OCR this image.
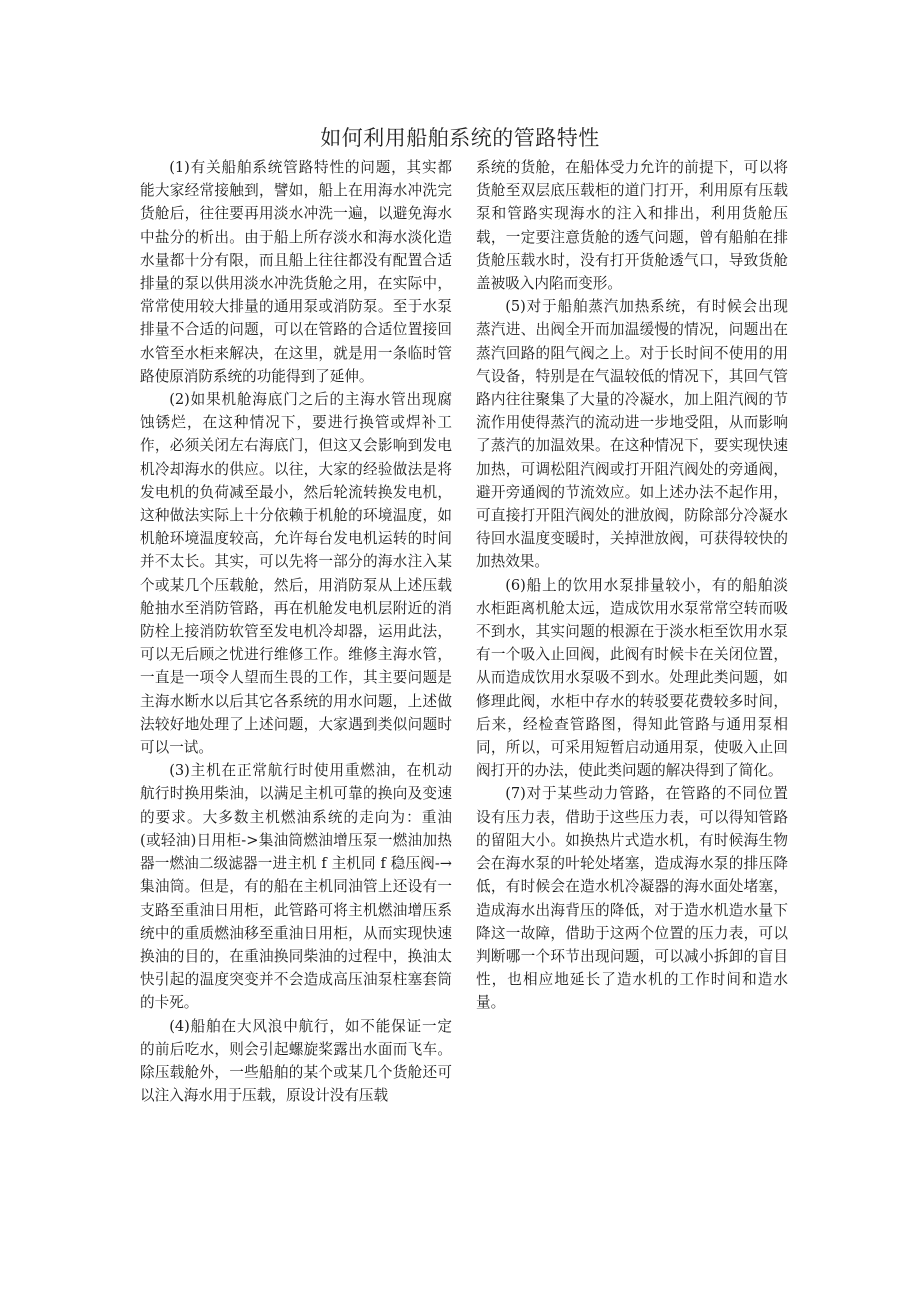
如何利用船舶系统的管路特性

(1)有关船舶系统管路特性的问题，其实都能大家经常接触到，譬如，船上在用海水冲洗完货舱后，往往要再用淡水冲洗一遍，以避免海水中盐分的析出。由于船上所存淡水和海水淡化造水量都十分有限，而且船上往往都没有配置合适排量的泵以供用淡水冲洗货舱之用，在实际中，常常使用较大排量的通用泵或消防泵。至于水泵排量不合适的问题，可以在管路的合适位置接回水管至水柜来解决，在这里，就是用一条临时管路使原消防系统的功能得到了延伸。

(2)如果机舱海底门之后的主海水管出现腐蚀锈烂，在这种情况下，要进行换管或焊补工作，必须关闭左右海底门，但这又会影响到发电机冷却海水的供应。以往，大家的经验做法是将发电机的负荷减至最小，然后轮流转换发电机，这种做法实际上十分依赖于机舱的环境温度，如机舱环境温度较高，允许每台发电机运转的时间并不太长。其实，可以先将一部分的海水注入某个或某几个压载舱，然后，用消防泵从上述压载舱抽水至消防管路，再在机舱发电机层附近的消防栓上接消防软管至发电机冷却器，运用此法，可以无后顾之忧进行维修工作。维修主海水管，一直是一项令人望而生畏的工作，其主要问题是主海水断水以后其它各系统的用水问题，上述做法较好地处理了上述问题，大家遇到类似问题时可以一试。

(3)主机在正常航行时使用重燃油，在机动航行时换用柴油，以满足主机可靠的换向及变速的要求。大多数主机燃油系统的走向为：重油(或轻油)日用柜->集油筒燃油增压泵一燃油加热器一燃油二级滤器一进主机 f 主机同 f 稳压阀-→集油筒。但是，有的船在主机同油管上还设有一支路至重油日用柜，此管路可将主机燃油增压系统中的重质燃油移至重油日用柜，从而实现快速换油的目的，在重油换同柴油的过程中，换油太快引起的温度突变并不会造成高压油泵柱塞套筒的卡死。

(4)船舶在大风浪中航行，如不能保证一定的前后吃水，则会引起螺旋桨露出水面而飞车。除压载舱外，一些船舶的某个或某几个货舱还可以注入海水用于压载，原设计没有压载

系统的货舱，在船体受力允许的前提下，可以将货舱至双层底压载柜的道门打开，利用原有压载泵和管路实现海水的注入和排出，利用货舱压载，一定要注意货舱的透气问题，曾有船舶在排货舱压载水时，没有打开货舱透气口，导致货舱盖被吸入内陷而变形。

(5)对于船舶蒸汽加热系统，有时候会出现蒸汽进、出阀全开而加温缓慢的情况，问题出在蒸汽回路的阻气阀之上。对于长时间不使用的用气设备，特别是在气温较低的情况下，其回气管路内往往聚集了大量的冷凝水，加上阻汽阀的节流作用使得蒸汽的流动进一步地受阻，从而影响了蒸汽的加温效果。在这种情况下，要实现快速加热，可调松阻汽阀或打开阻汽阀处的旁通阀，避开旁通阀的节流效应。如上述办法不起作用，可直接打开阻汽阀处的泄放阀，防除部分冷凝水待回水温度变暖时，关掉泄放阀，可获得较快的加热效果。

(6)船上的饮用水泵排量较小，有的船舶淡水柜距离机舱太远，造成饮用水泵常常空转而吸不到水，其实问题的根源在于淡水柜至饮用水泵有一个吸入止回阀，此阀有时候卡在关闭位置，从而造成饮用水泵吸不到水。处理此类问题，如修理此阀，水柜中存水的转驳要花费较多时间，后来，经检查管路图，得知此管路与通用泵相同，所以，可采用短暂启动通用泵，使吸入止回阀打开的办法，使此类问题的解决得到了简化。

(7)对于某些动力管路，在管路的不同位置设有压力表，借助于这些压力表，可以得知管路的留阻大小。如换热片式造水机，有时候海生物会在海水泵的叶轮处堵塞，造成海水泵的排压降低，有时候会在造水机冷凝器的海水面处堵塞，造成海水出海背压的降低，对于造水机造水量下降这一故障，借助于这两个位置的压力表，可以判断哪一个环节出现问题，可以减小拆卸的盲目性，也相应地延长了造水机的工作时间和造水量。
